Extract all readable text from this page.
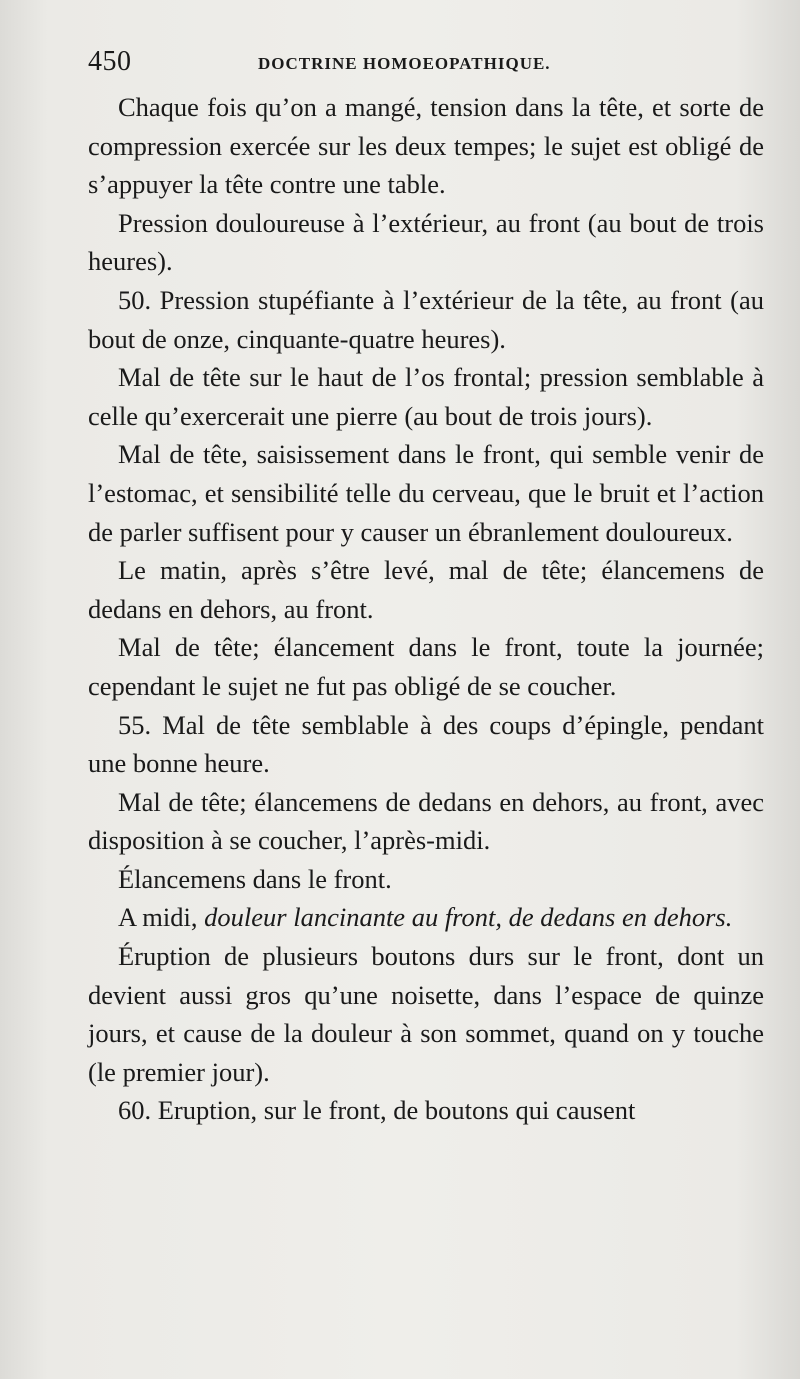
450	DOCTRINE HOMOEOPATHIQUE.

Chaque fois qu’on a mangé, tension dans la tête, et sorte de compression exercée sur les deux tempes; le sujet est obligé de s’appuyer la tête contre une table.

Pression douloureuse à l’extérieur, au front (au bout de trois heures).

50. Pression stupéfiante à l’extérieur de la tête, au front (au bout de onze, cinquante-quatre heures).

Mal de tête sur le haut de l’os frontal; pression semblable à celle qu’exercerait une pierre (au bout de trois jours).

Mal de tête, saisissement dans le front, qui semble venir de l’estomac, et sensibilité telle du cerveau, que le bruit et l’action de parler suffisent pour y causer un ébranlement douloureux.

Le matin, après s’être levé, mal de tête; élancemens de dedans en dehors, au front.

Mal de tête; élancement dans le front, toute la journée; cependant le sujet ne fut pas obligé de se coucher.

55. Mal de tête semblable à des coups d’épingle, pendant une bonne heure.

Mal de tête; élancemens de dedans en dehors, au front, avec disposition à se coucher, l’après-midi.

Élancemens dans le front.

A midi, douleur lancinante au front, de dedans en dehors.

Éruption de plusieurs boutons durs sur le front, dont un devient aussi gros qu’une noisette, dans l’espace de quinze jours, et cause de la douleur à son sommet, quand on y touche (le premier jour).

60. Eruption, sur le front, de boutons qui causent
